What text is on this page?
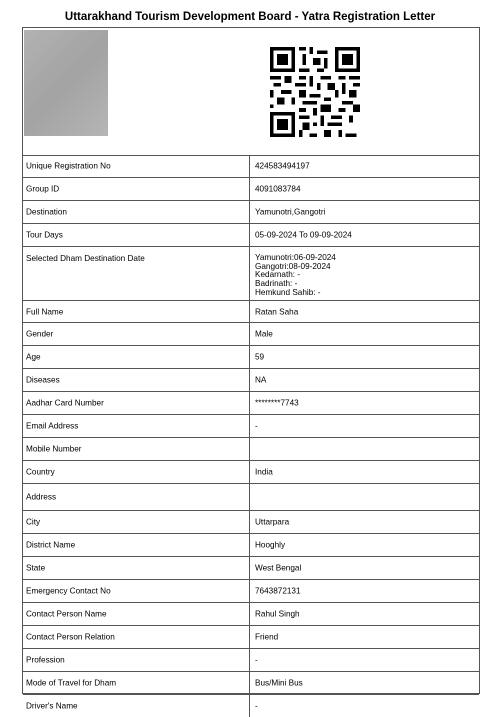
Uttarakhand Tourism Development Board - Yatra Registration Letter
Unique Registration No	424583494197
Group ID	4091083784
Destination	Yamunotri,Gangotri
Tour Days	05-09-2024 To 09-09-2024
Selected Dham Destination Date	Yamunotri:06-09-2024
Gangotri:08-09-2024
Kedarnath: -
Badrinath: -
Hemkund Sahib: -
Full Name	Ratan Saha
Gender	Male
Age	59
Diseases	NA
Aadhar Card Number	********7743
Email Address	-
Mobile Number
Country	India
Address
City	Uttarpara
District Name	Hooghly
State	West Bengal
Emergency Contact No	7643872131
Contact Person Name	Rahul Singh
Contact Person Relation	Friend
Profession	-
Mode of Travel for Dham	Bus/Mini Bus
Driver's Name	-
